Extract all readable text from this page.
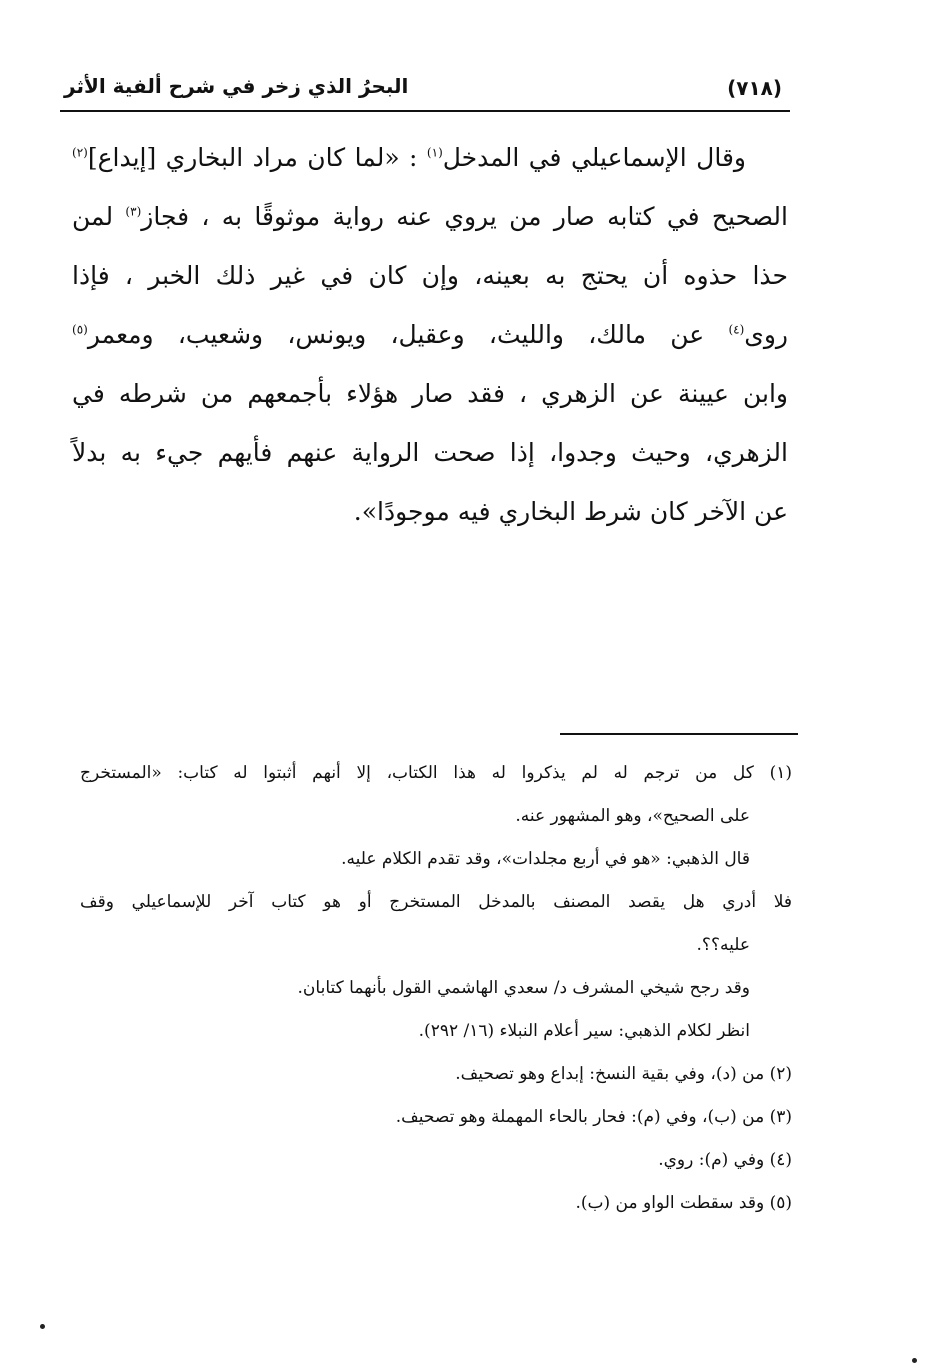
(٧١٨)
البحرُ الذي زخر في شرح ألفية الأثر
وقال الإسماعيلي في المدخل$^{(١)}$ : «لما كان مراد البخاري [إيداع]$^{(٢)}$
الصحيح في كتابه صار من يروي عنه رواية موثوقًا به ، فجاز$^{(٣)}$ لمن
حذا حذوه أن يحتج به بعينه، وإن كان في غير ذلك الخبر ، فإذا
روى$^{(٤)}$ عن مالك، والليث، وعقيل، ويونس، وشعيب، ومعمر$^{(٥)}$
وابن عيينة عن الزهري ، فقد صار هؤلاء بأجمعهم من شرطه في
الزهري، وحيث وجدوا، إذا صحت الرواية عنهم فأيهم جيء به بدلاً
عن الآخر كان شرط البخاري فيه موجودًا».
(١) كل من ترجم له لم يذكروا له هذا الكتاب، إلا أنهم أثبتوا له كتاب: «المستخرج
على الصحيح»، وهو المشهور عنه.
قال الذهبي: «هو في أربع مجلدات»، وقد تقدم الكلام عليه.
فلا أدري هل يقصد المصنف بالمدخل المستخرج أو هو كتاب آخر للإسماعيلي وقف
عليه؟؟.
وقد رجح شيخي المشرف د/ سعدي الهاشمي القول بأنهما كتابان.
انظر لكلام الذهبي: سير أعلام النبلاء (١٦/ ٢٩٢).
(٢) من (د)، وفي بقية النسخ: إبداع وهو تصحيف.
(٣) من (ب)، وفي (م): فحار بالحاء المهملة وهو تصحيف.
(٤) وفي (م): روي.
(٥) وقد سقطت الواو من (ب).
